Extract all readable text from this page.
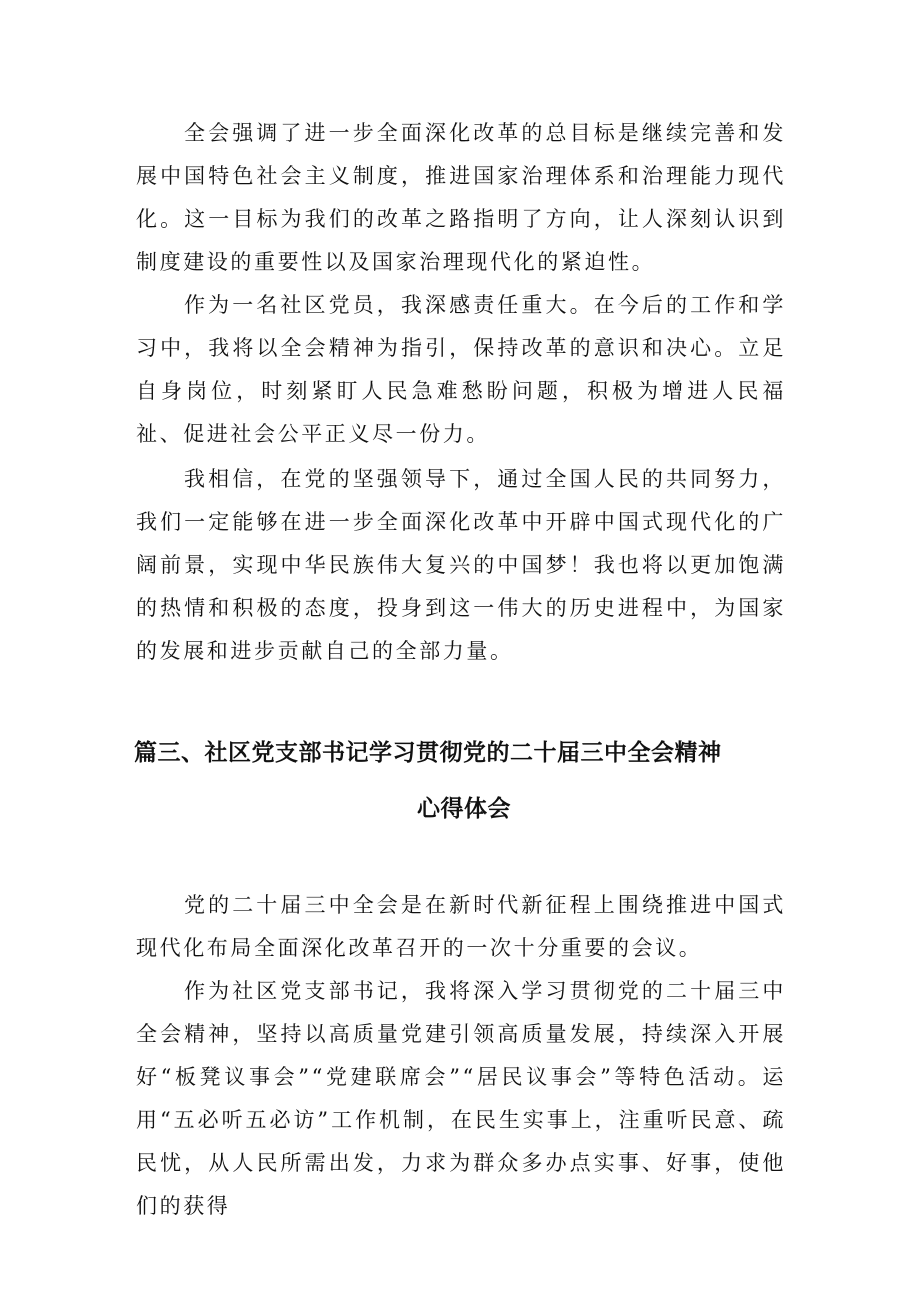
全会强调了进一步全面深化改革的总目标是继续完善和发展中国特色社会主义制度，推进国家治理体系和治理能力现代化。这一目标为我们的改革之路指明了方向，让人深刻认识到制度建设的重要性以及国家治理现代化的紧迫性。

作为一名社区党员，我深感责任重大。在今后的工作和学习中，我将以全会精神为指引，保持改革的意识和决心。立足自身岗位，时刻紧盯人民急难愁盼问题，积极为增进人民福祉、促进社会公平正义尽一份力。

我相信，在党的坚强领导下，通过全国人民的共同努力，我们一定能够在进一步全面深化改革中开辟中国式现代化的广阔前景，实现中华民族伟大复兴的中国梦！我也将以更加饱满的热情和积极的态度，投身到这一伟大的历史进程中，为国家的发展和进步贡献自己的全部力量。

篇三、社区党支部书记学习贯彻党的二十届三中全会精神
心得体会

党的二十届三中全会是在新时代新征程上围绕推进中国式现代化布局全面深化改革召开的一次十分重要的会议。

作为社区党支部书记，我将深入学习贯彻党的二十届三中全会精神，坚持以高质量党建引领高质量发展，持续深入开展好“板凳议事会”“党建联席会”“居民议事会”等特色活动。运用“五必听五必访”工作机制，在民生实事上，注重听民意、疏民忧，从人民所需出发，力求为群众多办点实事、好事，使他们的获得
